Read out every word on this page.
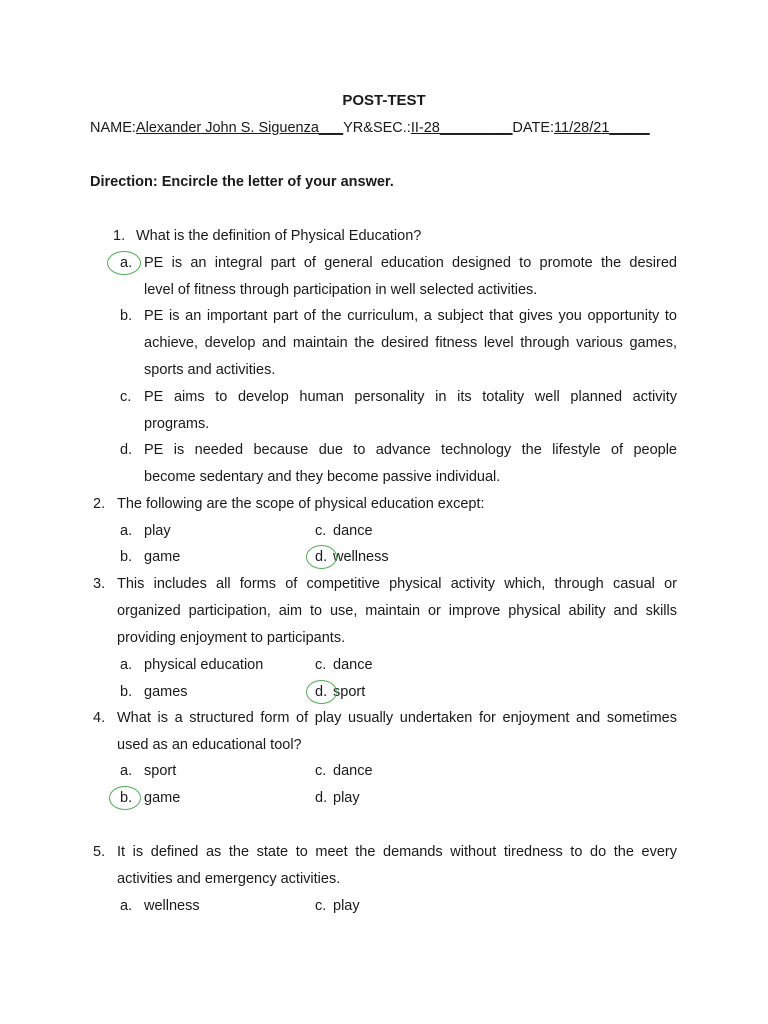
POST-TEST
NAME:Alexander John S. Siguenza___YR&SEC.:II-28_________DATE:11/28/21_____
Direction: Encircle the letter of your answer.
1. What is the definition of Physical Education?
a. PE is an integral part of general education designed to promote the desired
level of fitness through participation in well selected activities.
b. PE is an important part of the curriculum, a subject that gives you opportunity to
achieve, develop and maintain the desired fitness level through various games,
sports and activities.
c. PE aims to develop human personality in its totality well planned activity
programs.
d. PE is needed because due to advance technology the lifestyle of people
become sedentary and they become passive individual.
2. The following are the scope of physical education except:
a. play	c. dance
b. game	d. wellness
3. This includes all forms of competitive physical activity which, through casual or
organized participation, aim to use, maintain or improve physical ability and skills
providing enjoyment to participants.
a. physical education	c. dance
b. games	d. sport
4. What is a structured form of play usually undertaken for enjoyment and sometimes
used as an educational tool?
a. sport	c. dance
b. game	d. play
5. It is defined as the state to meet the demands without tiredness to do the every
activities and emergency activities.
a. wellness	c. play
